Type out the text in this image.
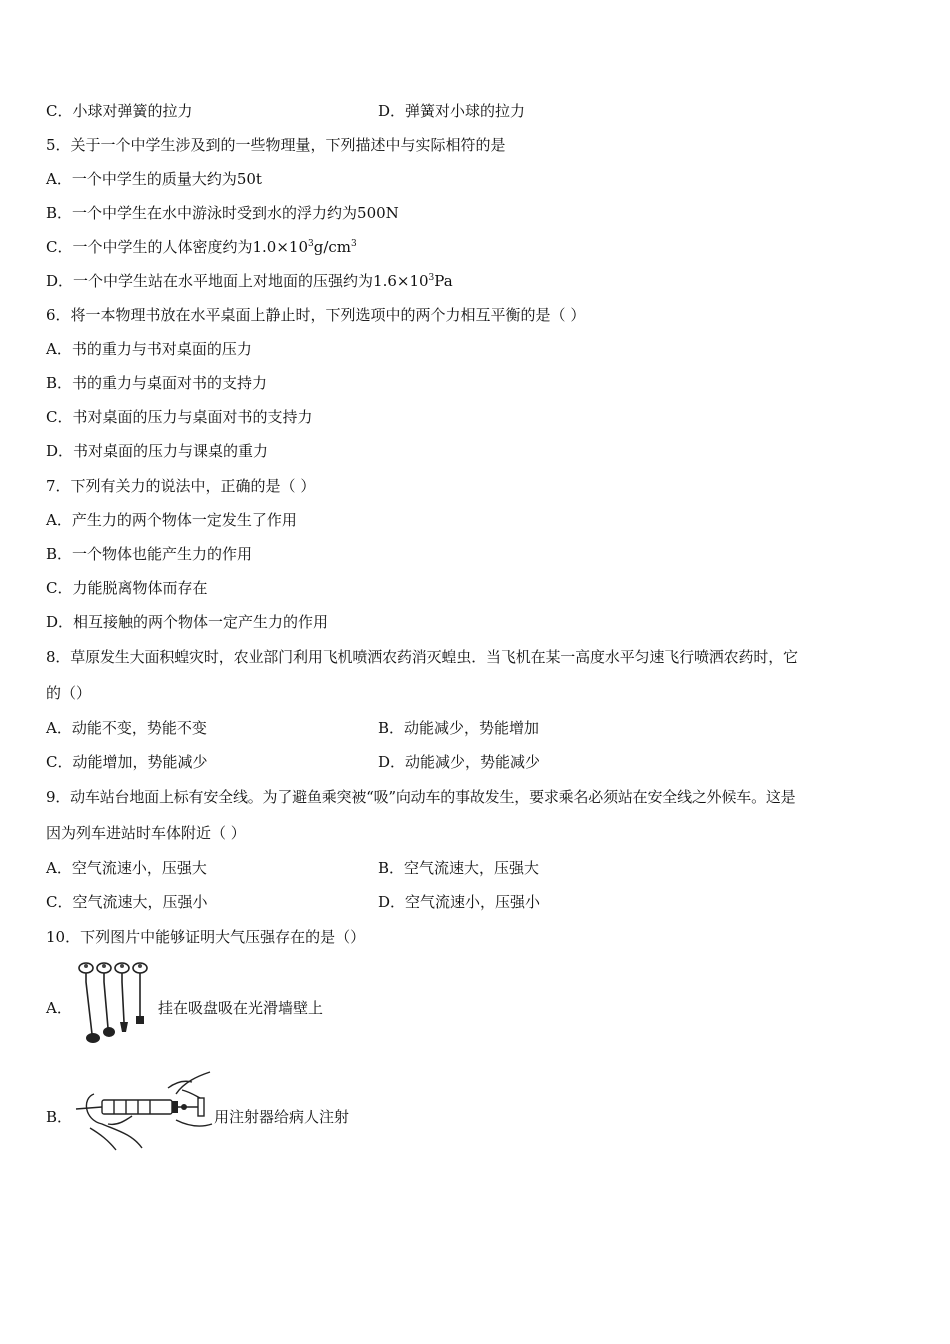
C．小球对弹簧的拉力	D．弹簧对小球的拉力
5．关于一个中学生涉及到的一些物理量，下列描述中与实际相符的是
A．一个中学生的质量大约为50t
B．一个中学生在水中游泳时受到水的浮力约为500N
C．一个中学生的人体密度约为$1.0\times 10^3g/cm^3$
D．一个中学生站在水平地面上对地面的压强约为$1.6\times 10^3Pa$
6．将一本物理书放在水平桌面上静止时，下列选项中的两个力相互平衡的是（ ）
A．书的重力与书对桌面的压力
B．书的重力与桌面对书的支持力
C．书对桌面的压力与桌面对书的支持力
D．书对桌面的压力与课桌的重力
7．下列有关力的说法中，正确的是（ ）
A．产生力的两个物体一定发生了作用
B．一个物体也能产生力的作用
C．力能脱离物体而存在
D．相互接触的两个物体一定产生力的作用
8．草原发生大面积蝗灾时，农业部门利用飞机喷洒农药消灭蝗虫．当飞机在某一高度水平匀速飞行喷洒农药时，它
的（）
A．动能不变，势能不变	B．动能减少，势能增加
C．动能增加，势能减少	D．动能减少，势能减少
9．动车站台地面上标有安全线。为了避鱼乘突被“吸”向动车的事故发生，要求乘名必须站在安全线之外候车。这是
因为列车进站时车体附近（ ）
A．空气流速小，压强大	B．空气流速大，压强大
C．空气流速大，压强小	D．空气流速小，压强小
10．下列图片中能够证明大气压强存在的是（）
A．	挂在吸盘吸在光滑墙壁上
B．	用注射器给病人注射
